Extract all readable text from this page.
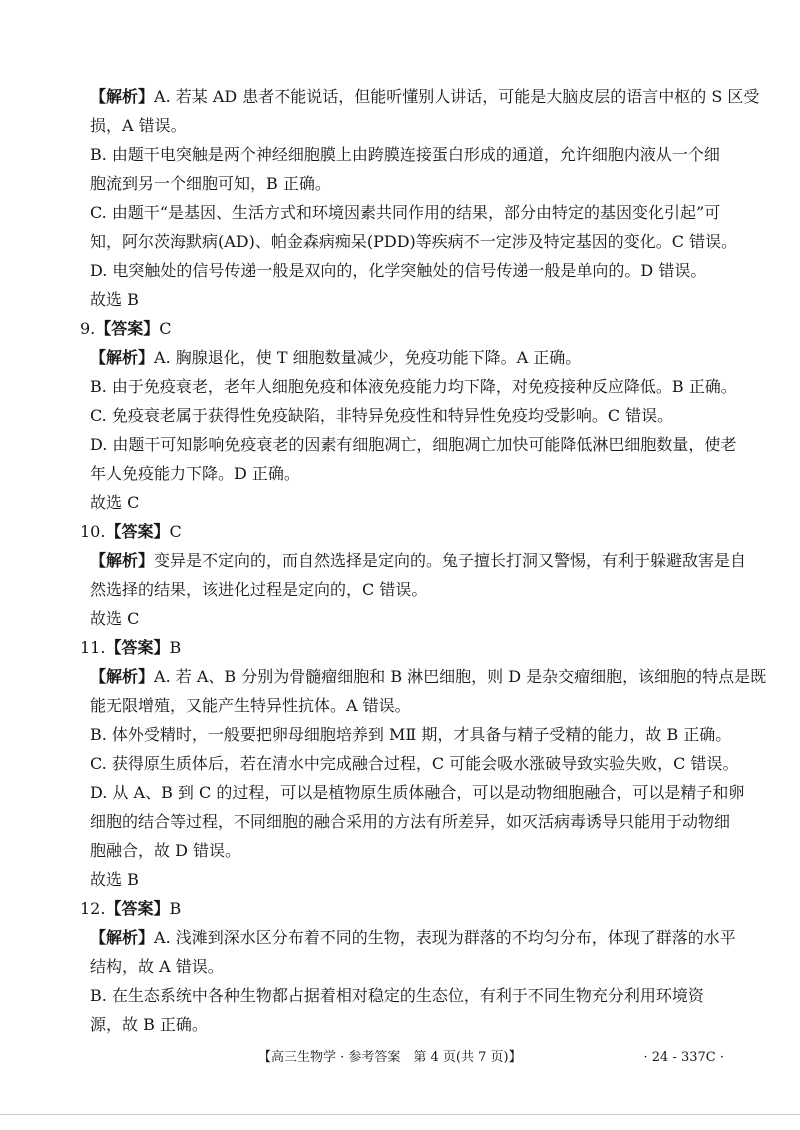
【解析】A. 若某 AD 患者不能说话，但能听懂别人讲话，可能是大脑皮层的语言中枢的 S 区受

损，A 错误。

B. 由题干电突触是两个神经细胞膜上由跨膜连接蛋白形成的通道，允许细胞内液从一个细

胞流到另一个细胞可知，B 正确。

C. 由题干“是基因、生活方式和环境因素共同作用的结果，部分由特定的基因变化引起”可

知，阿尔茨海默病(AD)、帕金森病痴呆(PDD)等疾病不一定涉及特定基因的变化。C 错误。

D. 电突触处的信号传递一般是双向的，化学突触处的信号传递一般是单向的。D 错误。

故选 B

9.【答案】C

【解析】A. 胸腺退化，使 T 细胞数量减少，免疫功能下降。A 正确。

B. 由于免疫衰老，老年人细胞免疫和体液免疫能力均下降，对免疫接种反应降低。B 正确。

C. 免疫衰老属于获得性免疫缺陷，非特异免疫性和特异性免疫均受影响。C 错误。

D. 由题干可知影响免疫衰老的因素有细胞凋亡，细胞凋亡加快可能降低淋巴细胞数量，使老

年人免疫能力下降。D 正确。

故选 C

10.【答案】C

【解析】变异是不定向的，而自然选择是定向的。兔子擅长打洞又警惕，有利于躲避敌害是自

然选择的结果，该进化过程是定向的，C 错误。

故选 C

11.【答案】B

【解析】A. 若 A、B 分别为骨髓瘤细胞和 B 淋巴细胞，则 D 是杂交瘤细胞，该细胞的特点是既

能无限增殖，又能产生特异性抗体。A 错误。

B. 体外受精时，一般要把卵母细胞培养到 MⅡ 期，才具备与精子受精的能力，故 B 正确。

C. 获得原生质体后，若在清水中完成融合过程，C 可能会吸水涨破导致实验失败，C 错误。

D. 从 A、B 到 C 的过程，可以是植物原生质体融合，可以是动物细胞融合，可以是精子和卵

细胞的结合等过程，不同细胞的融合采用的方法有所差异，如灭活病毒诱导只能用于动物细

胞融合，故 D 错误。

故选 B

12.【答案】B

【解析】A. 浅滩到深水区分布着不同的生物，表现为群落的不均匀分布，体现了群落的水平

结构，故 A 错误。

B. 在生态系统中各种生物都占据着相对稳定的生态位，有利于不同生物充分利用环境资

源，故 B 正确。

【高三生物学 · 参考答案　第 4 页(共 7 页)】	· 24 - 337C ·
